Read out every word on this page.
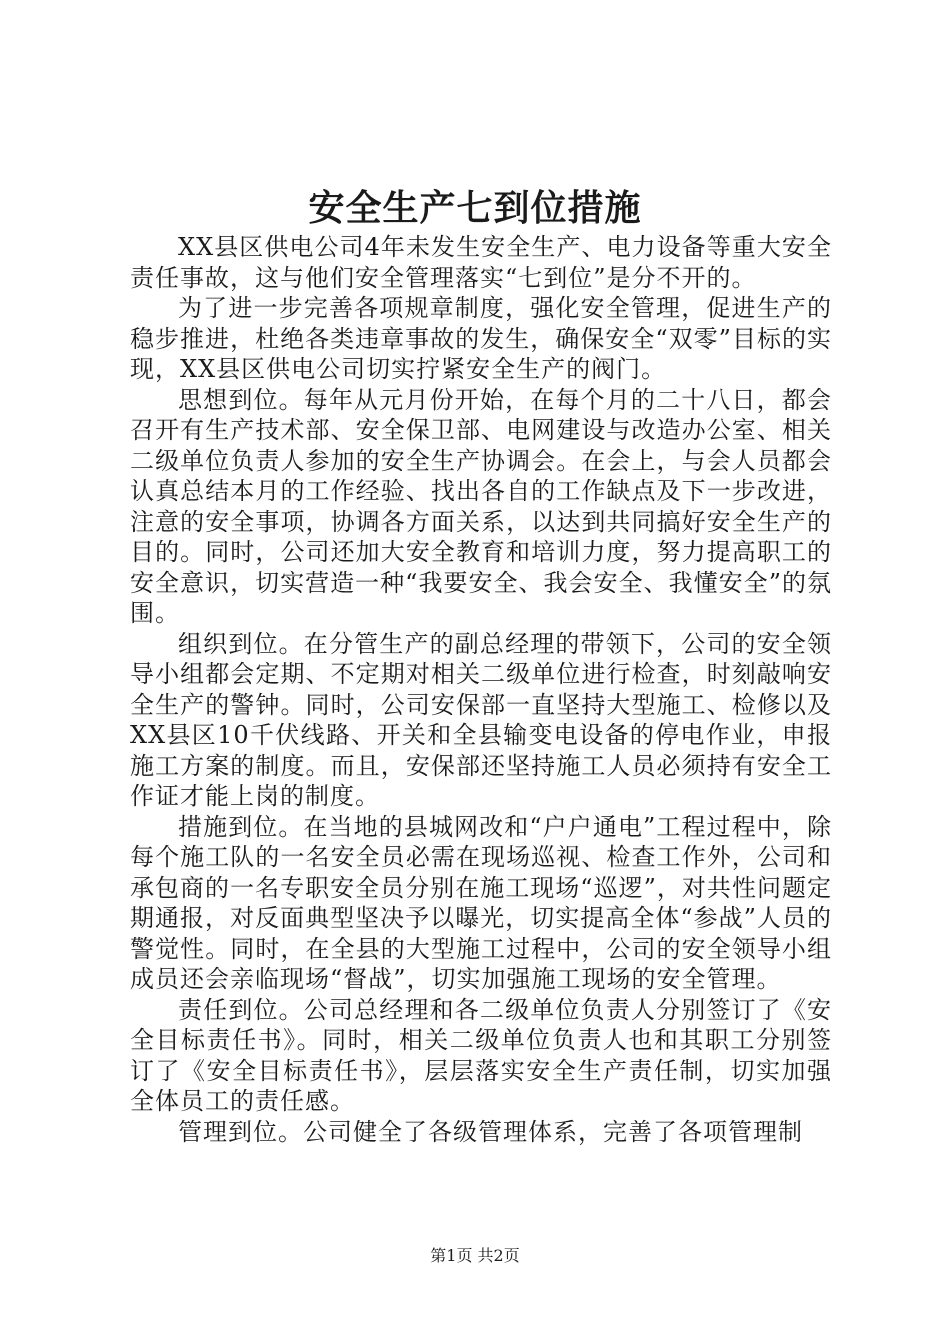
安全生产七到位措施

XX县区供电公司4年未发生安全生产、电力设备等重大安全责任事故，这与他们安全管理落实“七到位”是分不开的。

为了进一步完善各项规章制度，强化安全管理，促进生产的稳步推进，杜绝各类违章事故的发生，确保安全“双零”目标的实现，XX县区供电公司切实拧紧安全生产的阀门。

思想到位。每年从元月份开始，在每个月的二十八日，都会召开有生产技术部、安全保卫部、电网建设与改造办公室、相关二级单位负责人参加的安全生产协调会。在会上，与会人员都会认真总结本月的工作经验、找出各自的工作缺点及下一步改进，注意的安全事项，协调各方面关系，以达到共同搞好安全生产的目的。同时，公司还加大安全教育和培训力度，努力提高职工的安全意识，切实营造一种“我要安全、我会安全、我懂安全”的氛围。

组织到位。在分管生产的副总经理的带领下，公司的安全领导小组都会定期、不定期对相关二级单位进行检查，时刻敲响安全生产的警钟。同时，公司安保部一直坚持大型施工、检修以及XX县区10千伏线路、开关和全县输变电设备的停电作业，申报施工方案的制度。而且，安保部还坚持施工人员必须持有安全工作证才能上岗的制度。

措施到位。在当地的县城网改和“户户通电”工程过程中，除每个施工队的一名安全员必需在现场巡视、检查工作外，公司和承包商的一名专职安全员分别在施工现场“巡逻”，对共性问题定期通报，对反面典型坚决予以曝光，切实提高全体“参战”人员的警觉性。同时，在全县的大型施工过程中，公司的安全领导小组成员还会亲临现场“督战”，切实加强施工现场的安全管理。

责任到位。公司总经理和各二级单位负责人分别签订了《安全目标责任书》。同时，相关二级单位负责人也和其职工分别签订了《安全目标责任书》，层层落实安全生产责任制，切实加强全体员工的责任感。

管理到位。公司健全了各级管理体系，完善了各项管理制

第1页 共2页
